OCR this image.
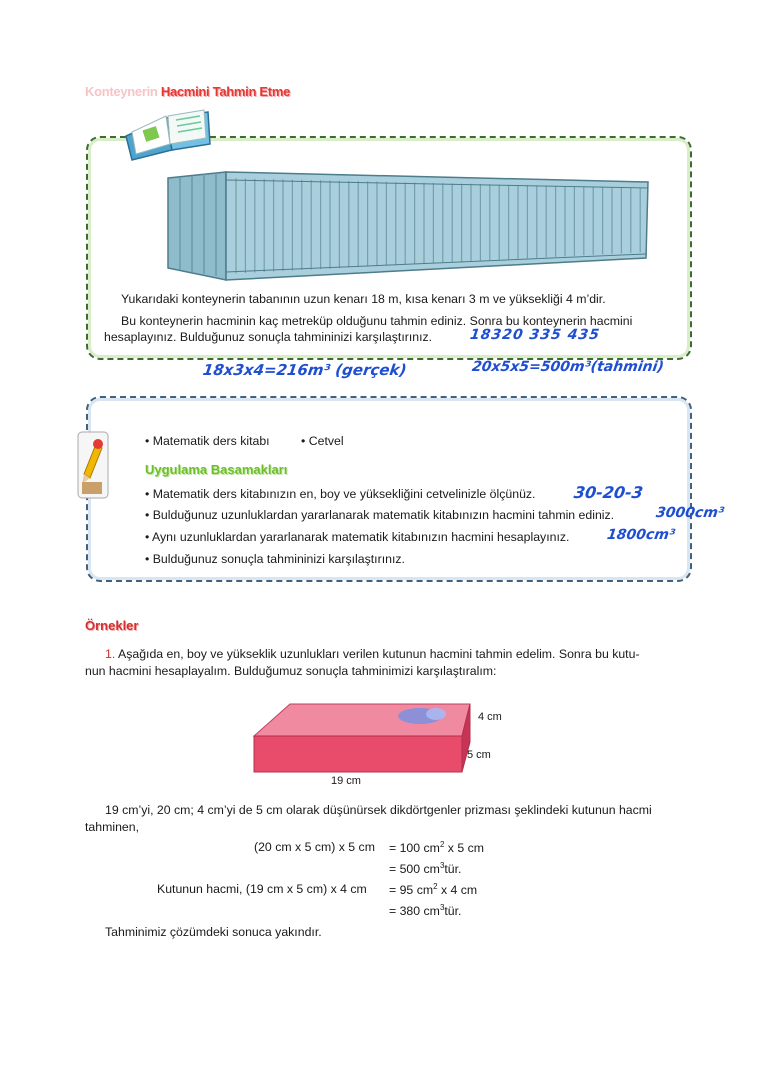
Konteynerin Hacmini Tahmin Etme
Yukarıdaki konteynerin tabanının uzun kenarı 18 m, kısa kenarı 3 m ve yüksekliği 4 m’dir.
Bu konteynerin hacminin kaç metreküp olduğunu tahmin ediniz. Sonra bu konteynerin hacmini
hesaplayınız. Bulduğunuz sonuçla tahmininizi karşılaştırınız.	18320 335 435
18x3x4=216m³ (gerçek)	20x5x5=500m³(tahmini)
• Matematik ders kitabı	• Cetvel
Uygulama Basamakları
• Matematik ders kitabınızın en, boy ve yüksekliğini cetvelinizle ölçünüz.
• Bulduğunuz uzunluklardan yararlanarak matematik kitabınızın hacmini tahmin ediniz.
• Aynı uzunluklardan yararlanarak matematik kitabınızın hacmini hesaplayınız.
• Bulduğunuz sonuçla tahmininizi karşılaştırınız.
30-20-3
3000cm³
1800cm³
Örnekler
1. Aşağıda en, boy ve yükseklik uzunlukları verilen kutunun hacmini tahmin edelim. Sonra bu kutu-
nun hacmini hesaplayalım. Bulduğumuz sonuçla tahminimizi karşılaştıralım:
4 cm
5 cm
19 cm
19 cm’yi, 20 cm; 4 cm’yi de 5 cm olarak düşünürsek dikdörtgenler prizması şeklindeki kutunun hacmi
tahminen,
(20 cm x 5 cm) x 5 cm = 100 $cm^2$ x 5 cm
= 500 $cm^3tür$.
Kutunun hacmi, (19 cm x 5 cm) x 4 cm = 95 $cm^2$ x 4 cm
= 380 $cm^3tür$.
Tahminimiz çözümdeki sonuca yakındır.
